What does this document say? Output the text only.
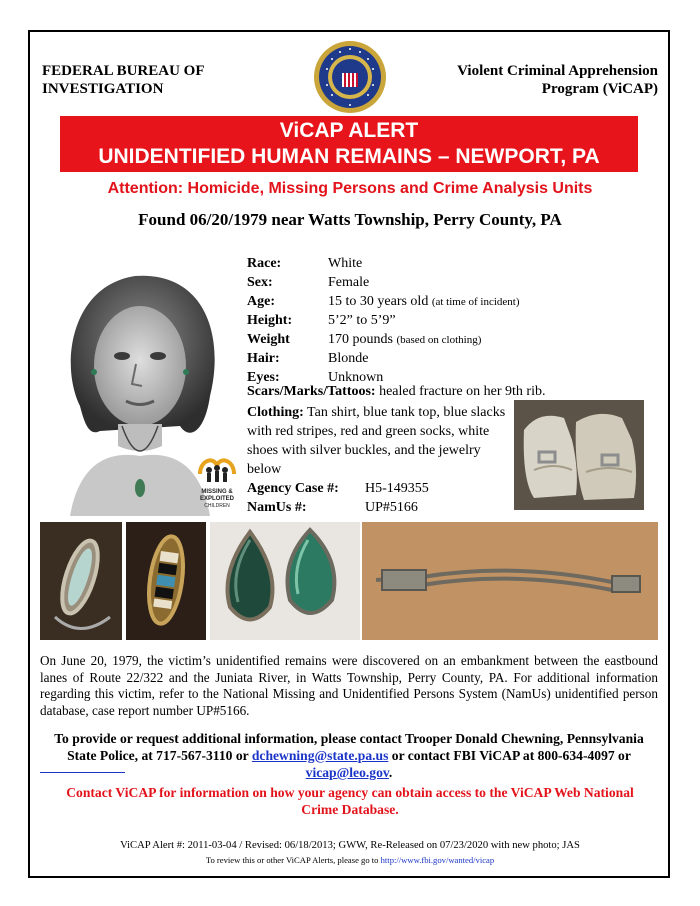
FEDERAL BUREAU OF
INVESTIGATION
Violent Criminal Apprehension
Program (ViCAP)
ViCAP ALERT
UNIDENTIFIED HUMAN REMAINS – NEWPORT, PA
Attention: Homicide, Missing Persons and Crime Analysis Units
Found 06/20/1979 near Watts Township, Perry County, PA
MISSING &
EXPLOITED
CHILDREN
Race:	White
Sex:	Female
Age:	15 to 30 years old (at time of incident)
Height:	5’2” to 5’9”
Weight	170 pounds (based on clothing)
Hair:	Blonde
Eyes:	Unknown
Scars/Marks/Tattoos: healed fracture on her 9th rib.
Clothing: Tan shirt, blue tank top, blue slacks with red stripes, red and green socks, white shoes with silver buckles, and the jewelry below
Agency Case #: H5-149355
NamUs #:	UP#5166
On June 20, 1979, the victim’s unidentified remains were discovered on an embankment between the eastbound lanes of Route 22/322 and the Juniata River, in Watts Township, Perry County, PA. For additional information regarding this victim, refer to the National Missing and Unidentified Persons System (NamUs) unidentified person database, case report number UP#5166.
To provide or request additional information, please contact Trooper Donald Chewning, Pennsylvania State Police, at 717-567-3110 or dchewning@state.pa.us or contact FBI ViCAP at 800-634-4097 or vicap@leo.gov.
Contact ViCAP for information on how your agency can obtain access to the ViCAP Web National Crime Database.
ViCAP Alert #: 2011-03-04 / Revised: 06/18/2013; GWW, Re-Released on 07/23/2020 with new photo; JAS
To review this or other ViCAP Alerts, please go to http://www.fbi.gov/wanted/vicap
